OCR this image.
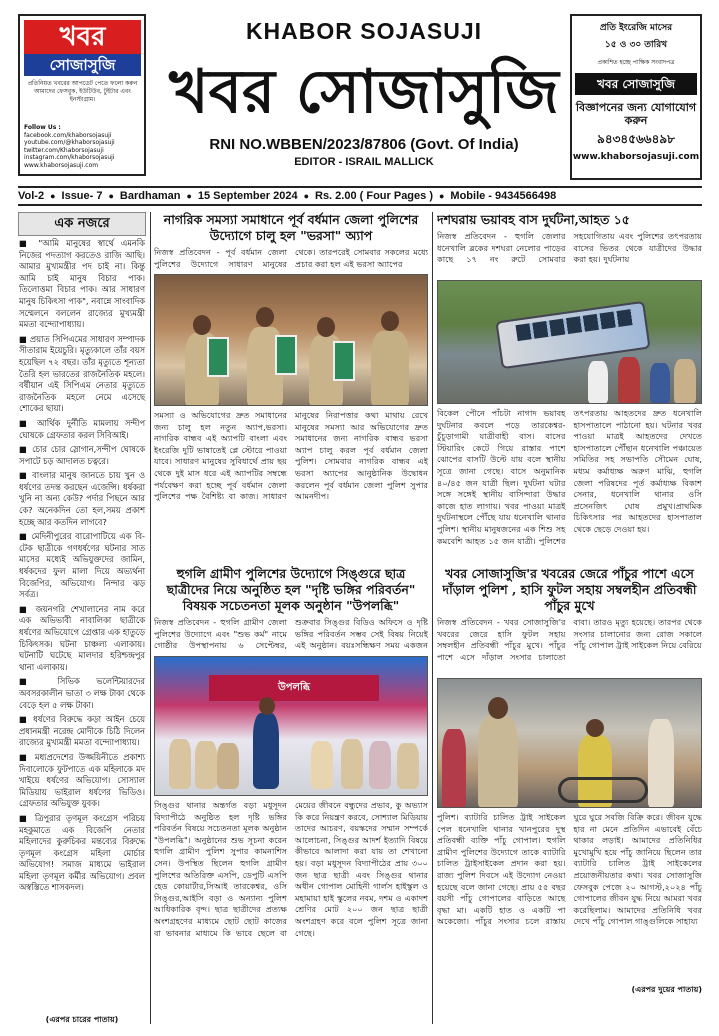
খবর
সোজাসুজি
প্রতিনিয়ত খবরের আপডেট পেতে ফলো করুন আমাদের ফেসবুক, ইউটিউব, টুইটার এবং ইনস্টাগ্রাম।
Follow Us :
facebook.com/khaborsojasuji
youtube.com/@khaborsojasuji
twitter.com/Khaborsojasuji
instagram.com/khaborsojasuji
www.khaborsojasuji.com
KHABOR SOJASUJI
খবর সোজাসুজি
RNI NO.WBBEN/2023/87806 (Govt. Of India)
EDITOR - ISRAIL MALLICK
প্রতি ইংরেজি মাসের
১৫ ও ৩০ তারিখ
প্রকাশিত হচ্ছে পাক্ষিক সংবাদপত্র
খবর সোজাসুজি
বিজ্ঞাপনের জন্য যোগাযোগ করুন
৯৪৩৪৫৬৬৪৯৮
www.khaborsojasuji.com
Vol-2 ● Issue- 7 ● Bardhaman ● 15 September 2024 ● Rs. 2.00 ( Four Pages ) ● Mobile - 9434566498
এক নজরে

■ "আমি মানুষের স্বার্থে এমনকি নিজের পদত্যাগ করতেও রাজি আছি। আমার মুখ্যমন্ত্রীর পদ চাই না। কিন্তু আমি চাই মানুষ বিচার পাক। তিলোত্তমা বিচার পাক। আর সাধারণ মানুষ চিকিৎসা পাক", নবান্নে সাংবাদিক সম্মেলনে বললেন রাজ্যের মুখ্যমন্ত্রী মমতা বন্দ্যোপাধ্যায়।

■ প্রয়াত সিপিএমের সাধারণ সম্পাদক সীতারাম ইয়েচুরি। মৃত্যুকালে তাঁর বয়স হয়েছিল ৭২ বছর। তাঁর মৃত্যুতে শূন্যতা তৈরি হল ভারতের রাজনৈতিক মহলে। বর্ষীয়ান এই সিপিএম নেতার মৃত্যুতে রাজনৈতিক মহলে নেমে এসেছে শোকের ছায়া।

■ আর্থিক দুর্নীতি মামলায় সন্দীপ ঘোষকে গ্রেফতার করল সিবিআই।

■ চোর চোর স্লোগান,সন্দীপ ঘোষকে সপাটে চড় আদালত চত্বরে।

■ বাংলার মানুষ জানতে চায় খুন ও ধর্ষণের তদন্ত করছেন এজেন্সি। ধর্ষকরা খুনি না অন্য কেউ? পর্দার পিছনে আর কে? অনেকদিন তো হল,সময় প্রকাশ হচ্ছে আর কতদিন লাগবে?

■ মেদিনীপুরের বারোপাটিয়ে এক বি-টেক ছাত্রীকে গণধর্ষণের ঘটনার সাত মাসের মধ্যেই অভিযুক্তদের জামিন, ধর্ষকদের ফুল মালা দিয়ে অভ্যর্থনা বিজেপির, অভিযোগ। নিন্দার ঝড় সর্বত্র।

■ জয়নগরি শেখালানের নাম করে এক অভিভাবী নাবালিকা ছাত্রীকে ধর্ষণের অভিযোগে গ্রেপ্তার এক হাতুড়ে চিকিৎসক। ঘটনা চাঞ্চল্য এলাকায়। ঘটনাটি ঘটেছে মালদার হরিশ্চন্দ্রপুর থানা এলাকায়।

■ সিভিক ভলেন্টিয়ারদের অবসরকালীন ভাতা ৩ লক্ষ টাকা থেকে বেড়ে হল ৫ লক্ষ টাকা।

■ ধর্ষণের বিরুদ্ধে কড়া আইন চেয়ে প্রধানমন্ত্রী নরেন্দ্র মোদীকে চিঠি দিলেন রাজ্যের মুখ্যমন্ত্রী মমতা বন্দ্যোপাধ্যায়।

■ মধ্যপ্রদেশের উজ্জয়িনীতে প্রকাশ্য দিবালোকে ফুটপাতে এক মহিলাকে মদ খাইয়ে ধর্ষণের অভিযোগ। সোস্যাল মিডিয়ায় ভাইরাল ধর্ষণের ভিডিও। গ্রেফতার অভিযুক্ত যুবক।

■ ত্রিপুরার তৃণমূল কংগ্রেস পরিচয় মহকুমাতে এক বিজেপি নেতার মহিলাদের কুরুচিকর মন্তব্যের বিরুদ্ধে তৃণমূল কংগ্রেস মহিলা মোর্চার অভিযোগ! সমাজ মাধ্যমে ভাইরাল মহিলা তৃণমূল কর্মীর অভিযোগ। প্রবল অস্বস্তিতে শাসকদল।

নাগরিক সমস্যা সমাধানে পূর্ব বর্ধমান জেলা পুলিশের উদ্যোগে চালু হল "ভরসা" অ্যাপ
নিজস্ব প্রতিবেদন - পূর্ব বর্ধমান জেলা পুলিশের উদ্যোগে সাধারণ মানুষের থেকে। তারপরেই সোমবার সকলের মধ্যে প্রচার করা হল এই ভরসা অ্যাপের
সমস্যা ও অভিযোগের দ্রুত সমাধানের জন্য চালু হল নতুন অ্যাপ,ভরসা। নাগরিক বান্ধব এই অ্যাপটি বাংলা এবং ইংরেজি দুটি ভাষাতেই প্লে স্টোরে পাওয়া যাবে। সাধারণ মানুষের সুবিধার্থে প্রায় ছয় থেকে দুই মাস ধরে এই অ্যাপটির সম্বন্ধে পর্যবেক্ষণ করা হচ্ছে পূর্ব বর্ধমান জেলা পুলিশের পক্ষ বৈশিষ্ট্য বা কাজ। সাধারণ মানুষের নিরাপত্তার কথা মাথায় রেখে মানুষের সমস্যা আর অভিযোগের দ্রুত সমাধানের জন্য নাগরিক বান্ধব ভরসা অ্যাপ চালু করল পূর্ব বর্ধমান জেলা পুলিশ। সোমবার নাগরিক বান্ধব এই ভরসা অ্যাপের আনুষ্ঠানিক উদ্বোধন করলেন পূর্ব বর্ধমান জেলা পুলিশ সুপার আমনদীপ।
দশঘরায় ভয়াবহ বাস দুর্ঘটনা,আহত ১৫
নিজস্ব প্রতিবেদন - হুগলি জেলার ধনেখালি ব্লকের দশঘরা নেলোর পাড়ের কাছে ১৭ নং রুটে সোমবার সহযোগিতায় এবং পুলিশের তৎপরতায় বাসের ভিতর থেকে যাত্রীদের উদ্ধার করা হয়। দুর্ঘটনায়
বিকেল পৌনে পাঁচটা নাগাদ ভয়াবহ দুর্ঘটনার কবলে পড়ে তারকেশ্বর-চুঁচুড়াগামী যাত্রীবাহী বাস। বাসের স্টিয়ারিং কেটে গিয়ে রাস্তার পাশে ঝোপের বাসটি উল্টে যায় বলে স্থানীয় সূত্রে জানা গেছে। বাসে অনুমানিক ৪০/৪৫ জন যাত্রী ছিল। দুর্ঘটনা ঘটার সঙ্গে সঙ্গেই স্থানীয় বাসিন্দারা উদ্ধার কাজে হাত লাগায়। খবর পাওয়া মাত্রই দুর্ঘটনাস্থলে পৌঁছে যায় ধনেখালি থানার পুলিশ। স্থানীয় মানুষজনের এক শিশু সহ কমবেশি আহত ১৫ জন যাত্রী। পুলিশের তৎপরতায় আহতদের দ্রুত ধনেখালি হাসপাতালে পাঠানো হয়। ঘটনার খবর পাওয়া মাত্রই আহতদের দেখতে হাসপাতালে পৌঁছান ধনেখালি পঞ্চায়েত সমিতির সহ সভাপতি সৌমেন ঘোষ, মধ্যম কর্মাধ্যক্ষ অরুণ মাঝি, হুগলি জেলা পরিষদের পূর্ত কর্মাধ্যক্ষ বিকাশ সেনার, ধনেখালি থানার ওসি প্রসেনজিৎ ঘোষ প্রমুখ।প্রাথমিক চিকিৎসার পর আহতদের হাসপাতাল থেকে ছেড়ে দেওয়া হয়।
হুগলি গ্রামীণ পুলিশের উদ্যোগে সিঙ্গুরে ছাত্র ছাত্রীদের নিয়ে অনুষ্ঠিত হল "দৃষ্টি ভঙ্গির পরিবর্তন" বিষয়ক সচেতনতা মূলক অনুষ্ঠান "উপলব্ধি"
নিজস্ব প্রতিবেদন - হুগলি গ্রামীণ জেলা পুলিশের উদ্যোগে এবং "শুভ কর্ম" নামে গোষ্ঠীর উপস্থাপনায় ৬ সেপ্টেম্বর, শুক্রবার সিঙ্গুর বিডিও অফিসে ও দৃষ্টি ভঙ্গির পরিবর্তন সম্ভব সেই বিষয় নিয়েই এই অনুষ্ঠান। বয়ঃসন্ধিক্ষণ সময় একজন
উপলব্ধি
সিঙ্গুর থানার অন্তর্গত বড়া মধুসূদন বিদ্যাপীঠে অনুষ্ঠিত হল দৃষ্টি ভঙ্গির পরিবর্তন বিষয়ে সচেতনতা মূলক অনুষ্ঠান "উপলব্ধি"। অনুষ্ঠানের শুভ সূচনা করেন হুগলি গ্রামীণ পুলিশ সুপার কামনাশিস সেন। উপস্থিত ছিলেন হুগলি গ্রামীণ পুলিশের অতিরিক্ত এসপি, ডেপুটি এসপি হেড কোয়ার্টার,সিআই তারকেশ্বর, ওসি সিঙ্গুর,আইসি বড়া ও অন্যান্য পুলিশ আধিকারিক বৃন্দ। ছাত্র ছাত্রীদের প্রত্যক্ষ অংশগ্রহণের মাধ্যমে ছোট ছোট কাজের বা ভাবনার মাধ্যমে কি ভাবে ছেলে বা মেয়ের জীবনে বন্ধুদের প্রভাব, কু অভ্যাস কি করে নিয়ন্ত্রণ করবে, সোশ্যাল মিডিয়ায় তাদের আচরণ, বয়স্কদের সম্মান সম্পর্কে আলোচনা, সিঙ্গুর আদর্শ ইত্যাদি বিষয়ে কীভাবে আলাদা করা যায় তা শেখানো হয়। বড়া মধুসূদন বিদ্যাপীঠের প্রায় ৩০০ জন ছাত্র ছাত্রী এবং সিঙ্গুর থানার অধীন গোপাল মোহিনী গার্লস হাইস্কুল ও মহামায়া হাই স্কুলের নবম, দশম ও একাদশ শ্রেণির মোট ২০০ জন ছাত্র ছাত্রী অংশগ্রহণ করে বলে পুলিশ সূত্রে জানা গেছে।
খবর সোজাসুজি'র খবরের জেরে পাঁচুর পাশে এসে দাঁড়াল পুলিশ , হাসি ফুটল সহায় সম্বলহীন প্রতিবন্ধী পাঁচুর মুখে
নিজস্ব প্রতিবেদন - খবর সোজাসুজি'র খবরের জেরে হাসি ফুটল সহায় সম্বলহীন প্রতিবন্ধী পাঁচুর মুখে। পাঁচুর পাশে এসে দাঁড়াল সংসার চালাতো বাবা। তারও মৃত্যু হয়েছে। তারপর থেকে সংসার চালানোর জন্য রোজ সকালে পাঁচু গোপাল ট্রাই সাইকেল নিয়ে বেরিয়ে
পুলিশ। ব্যাটারি চালিত ট্রাই সাইকেল পেল ধনেখালি থানার খানপুরের দুস্থ প্রতিবন্ধী ব্যক্তি পাঁচু গোপাল। হুগলি গ্রামীণ পুলিশের উদ্যোগে তাকে ব্যাটারি চালিত ট্রাইসাইকেল প্রদান করা হয়। রাজ্য পুলিশ দিবসে এই উদ্যোগ নেওয়া হয়েছে বলে জানা গেছে। প্রায় ৫৫ বছর বয়সী পাঁচু গোপালের বাড়িতে আছে বৃদ্ধা মা। একটি হাত ও একটি পা অকেজো। পাঁচুর সংসার চলে রাস্তায় ঘুরে ঘুরে সবজি বিক্রি করে। জীবন যুদ্ধে হার না মেনে প্রতিদিন এভাবেই বেঁচে থাকার লড়াই। আমাদের প্রতিনিধির মুখোমুখি হয়ে পাঁচু জানিয়ে ছিলেন তার ব্যাটারি চালিত ট্রাই সাইকেলের প্রয়োজনীয়তার কথা। খবর সোজাসুজি ফেসবুক পেজে ২০ আগস্ট,২০২৪ পাঁচু গোপালের জীবন যুদ্ধ নিয়ে আমরা খবর করেছিলাম। আমাদের প্রতিনিধি খবর দেখে পাঁচু গোপাল গাঙ্গুলিকে সাহায্য
(এরপর দুয়ের পাতায়)
(এরপর চারের পাতায়)
